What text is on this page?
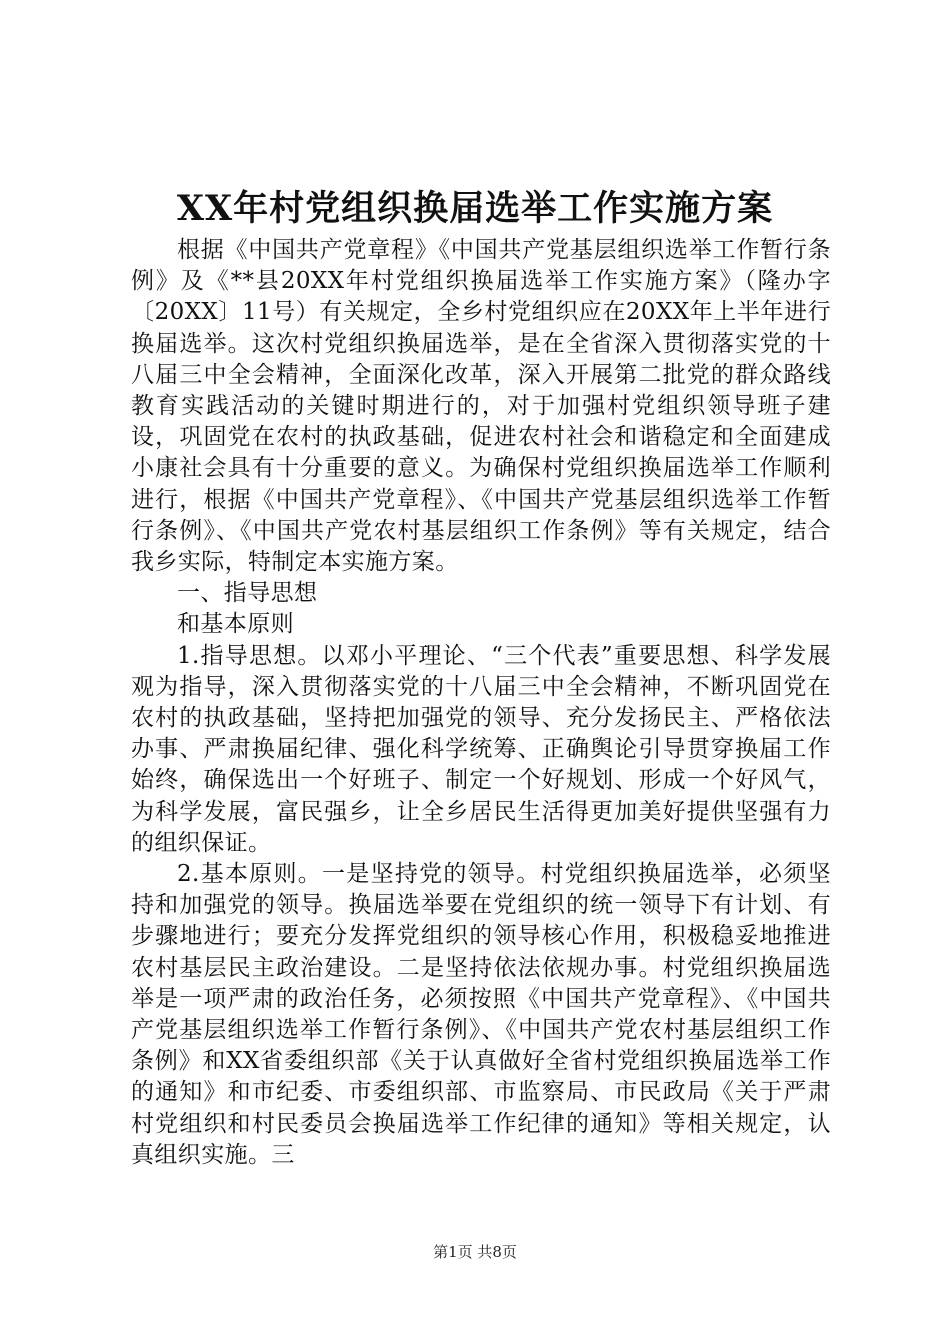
XX年村党组织换届选举工作实施方案

根据《中国共产党章程》《中国共产党基层组织选举工作暂行条例》及《**县20XX年村党组织换届选举工作实施方案》（隆办字〔20XX〕11号）有关规定，全乡村党组织应在20XX年上半年进行换届选举。这次村党组织换届选举，是在全省深入贯彻落实党的十八届三中全会精神，全面深化改革，深入开展第二批党的群众路线教育实践活动的关键时期进行的，对于加强村党组织领导班子建设，巩固党在农村的执政基础，促进农村社会和谐稳定和全面建成小康社会具有十分重要的意义。为确保村党组织换届选举工作顺利进行，根据《中国共产党章程》、《中国共产党基层组织选举工作暂行条例》、《中国共产党农村基层组织工作条例》等有关规定，结合我乡实际，特制定本实施方案。

一、指导思想

和基本原则

1.指导思想。以邓小平理论、“三个代表”重要思想、科学发展观为指导，深入贯彻落实党的十八届三中全会精神，不断巩固党在农村的执政基础，坚持把加强党的领导、充分发扬民主、严格依法办事、严肃换届纪律、强化科学统筹、正确舆论引导贯穿换届工作始终，确保选出一个好班子、制定一个好规划、形成一个好风气，为科学发展，富民强乡，让全乡居民生活得更加美好提供坚强有力的组织保证。

2.基本原则。一是坚持党的领导。村党组织换届选举，必须坚持和加强党的领导。换届选举要在党组织的统一领导下有计划、有步骤地进行；要充分发挥党组织的领导核心作用，积极稳妥地推进农村基层民主政治建设。二是坚持依法依规办事。村党组织换届选举是一项严肃的政治任务，必须按照《中国共产党章程》、《中国共产党基层组织选举工作暂行条例》、《中国共产党农村基层组织工作条例》和XX省委组织部《关于认真做好全省村党组织换届选举工作的通知》和市纪委、市委组织部、市监察局、市民政局《关于严肃村党组织和村民委员会换届选举工作纪律的通知》等相关规定，认真组织实施。三

第1页 共8页
